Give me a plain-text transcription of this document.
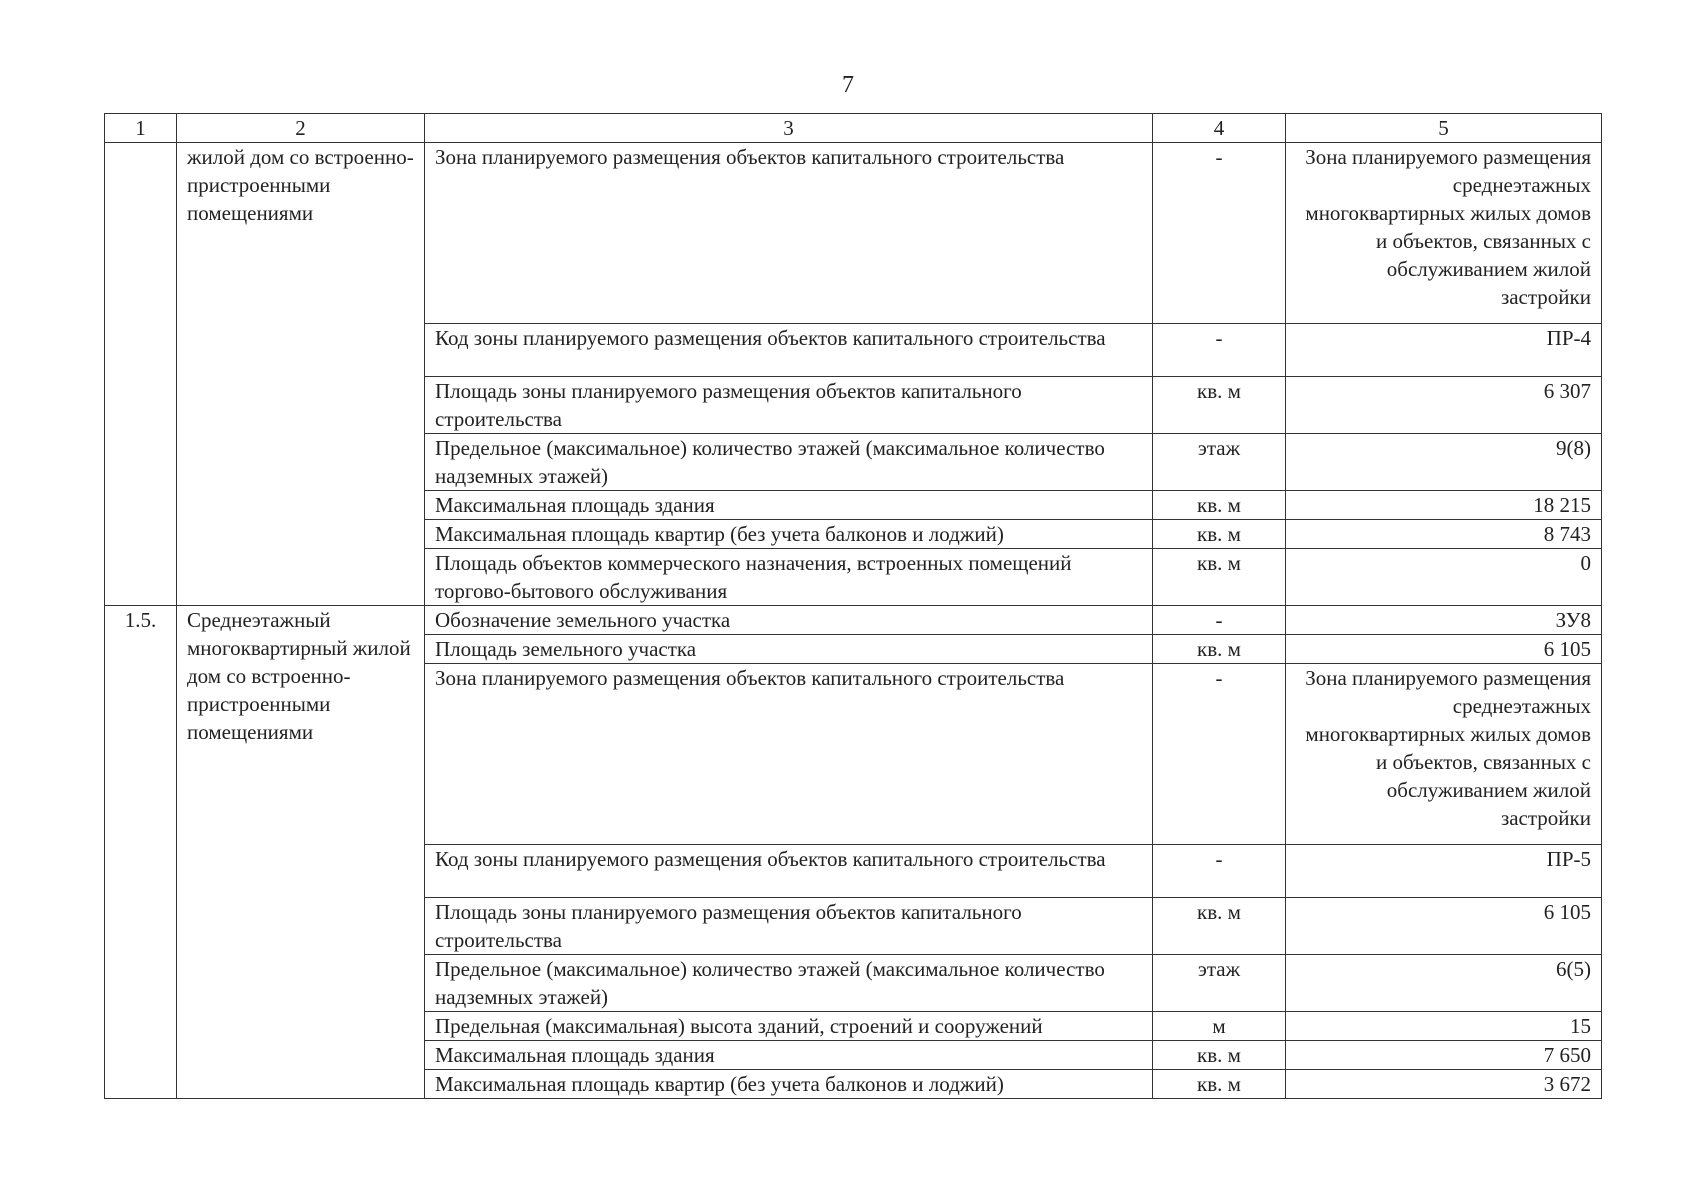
7
1	2	3	4	5
	жилой дом со встроенно-пристроенными помещениями	Зона планируемого размещения объектов капитального строительства	-	Зона планируемого размещения среднеэтажных многоквартирных жилых домов и объектов, связанных с обслуживанием жилой застройки
		Код зоны планируемого размещения объектов капитального строительства	-	ПР-4
		Площадь зоны планируемого размещения объектов капитального строительства	кв. м	6 307
		Предельное (максимальное) количество этажей (максимальное количество надземных этажей)	этаж	9(8)
		Максимальная площадь здания	кв. м	18 215
		Максимальная площадь квартир (без учета балконов и лоджий)	кв. м	8 743
		Площадь объектов коммерческого назначения, встроенных помещений торгово-бытового обслуживания	кв. м	0
1.5.	Среднеэтажный многоквартирный жилой дом со встроенно-пристроенными помещениями	Обозначение земельного участка	-	ЗУ8
		Площадь земельного участка	кв. м	6 105
		Зона планируемого размещения объектов капитального строительства	-	Зона планируемого размещения среднеэтажных многоквартирных жилых домов и объектов, связанных с обслуживанием жилой застройки
		Код зоны планируемого размещения объектов капитального строительства	-	ПР-5
		Площадь зоны планируемого размещения объектов капитального строительства	кв. м	6 105
		Предельное (максимальное) количество этажей (максимальное количество надземных этажей)	этаж	6(5)
		Предельная (максимальная) высота зданий, строений и сооружений	м	15
		Максимальная площадь здания	кв. м	7 650
		Максимальная площадь квартир (без учета балконов и лоджий)	кв. м	3 672
